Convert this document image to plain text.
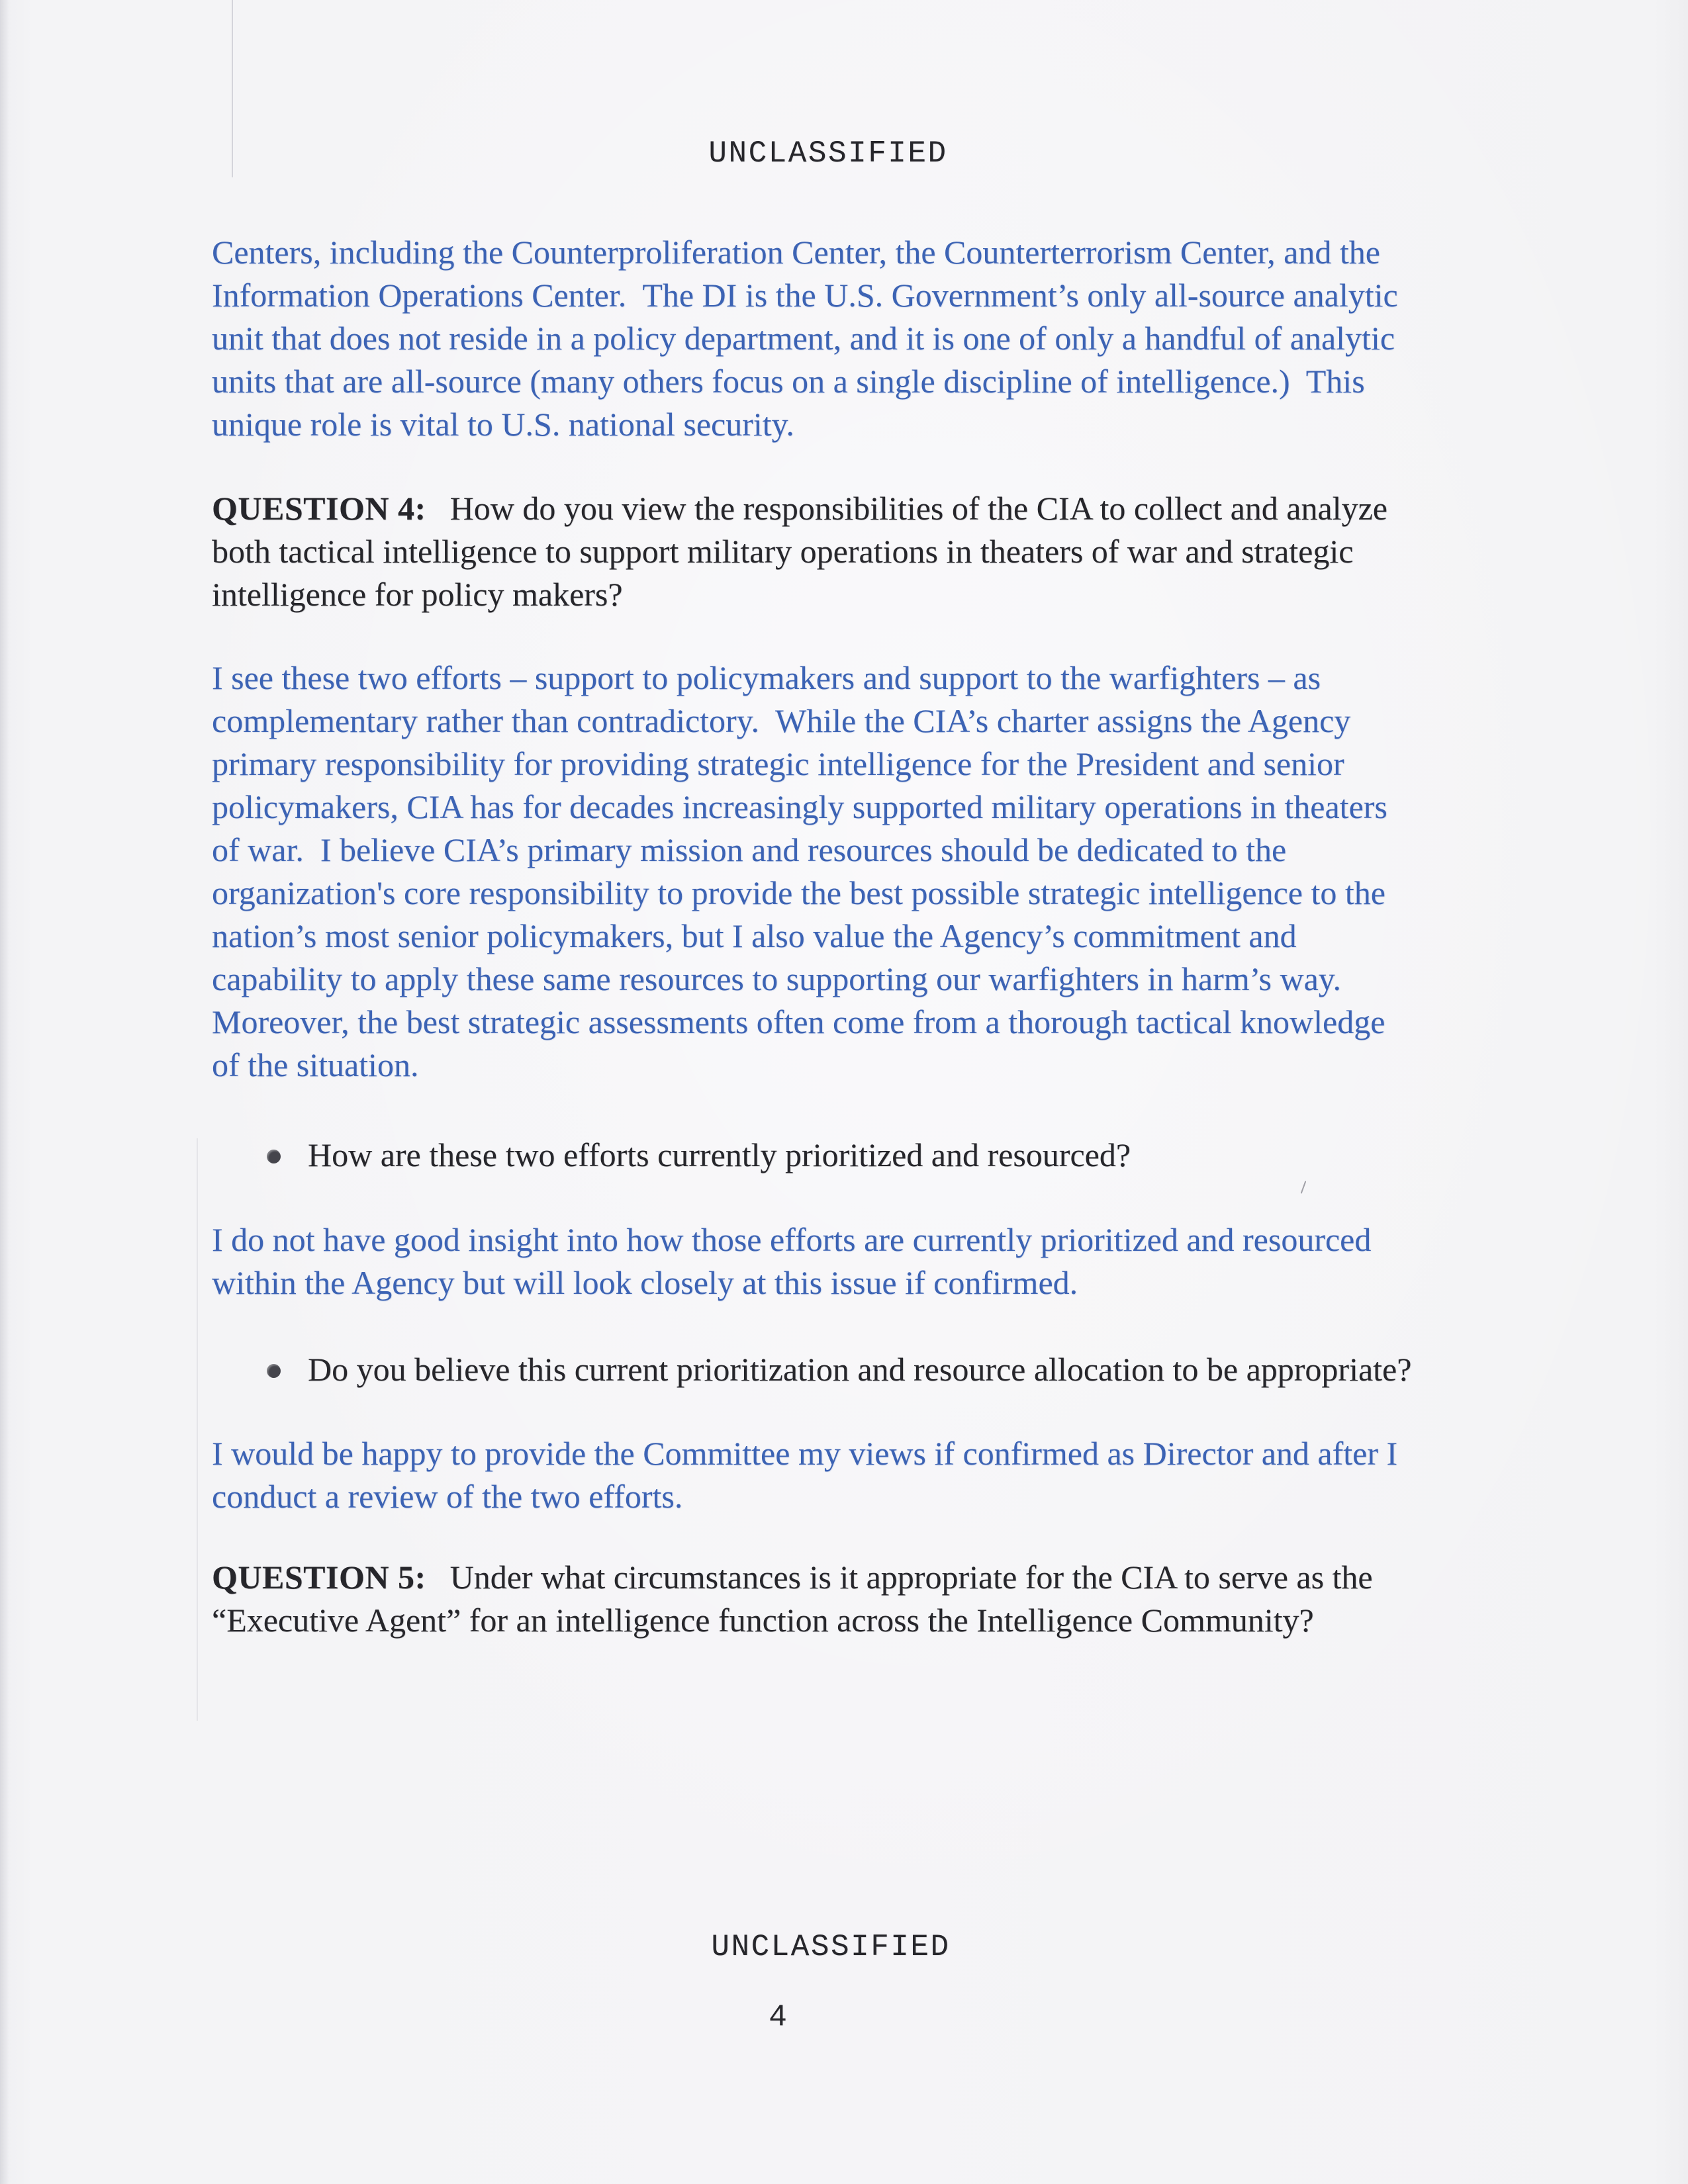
UNCLASSIFIED

Centers, including the Counterproliferation Center, the Counterterrorism Center, and the Information Operations Center.  The DI is the U.S. Government’s only all-source analytic unit that does not reside in a policy department, and it is one of only a handful of analytic units that are all-source (many others focus on a single discipline of intelligence.)  This unique role is vital to U.S. national security.

QUESTION 4: How do you view the responsibilities of the CIA to collect and analyze both tactical intelligence to support military operations in theaters of war and strategic intelligence for policy makers?

I see these two efforts – support to policymakers and support to the warfighters – as complementary rather than contradictory.  While the CIA’s charter assigns the Agency primary responsibility for providing strategic intelligence for the President and senior policymakers, CIA has for decades increasingly supported military operations in theaters of war.  I believe CIA’s primary mission and resources should be dedicated to the organization's core responsibility to provide the best possible strategic intelligence to the nation’s most senior policymakers, but I also value the Agency’s commitment and capability to apply these same resources to supporting our warfighters in harm’s way.  Moreover, the best strategic assessments often come from a thorough tactical knowledge of the situation.

How are these two efforts currently prioritized and resourced?

I do not have good insight into how those efforts are currently prioritized and resourced within the Agency but will look closely at this issue if confirmed.

Do you believe this current prioritization and resource allocation to be appropriate?

I would be happy to provide the Committee my views if confirmed as Director and after I conduct a review of the two efforts.

QUESTION 5: Under what circumstances is it appropriate for the CIA to serve as the “Executive Agent” for an intelligence function across the Intelligence Community?

UNCLASSIFIED
4
